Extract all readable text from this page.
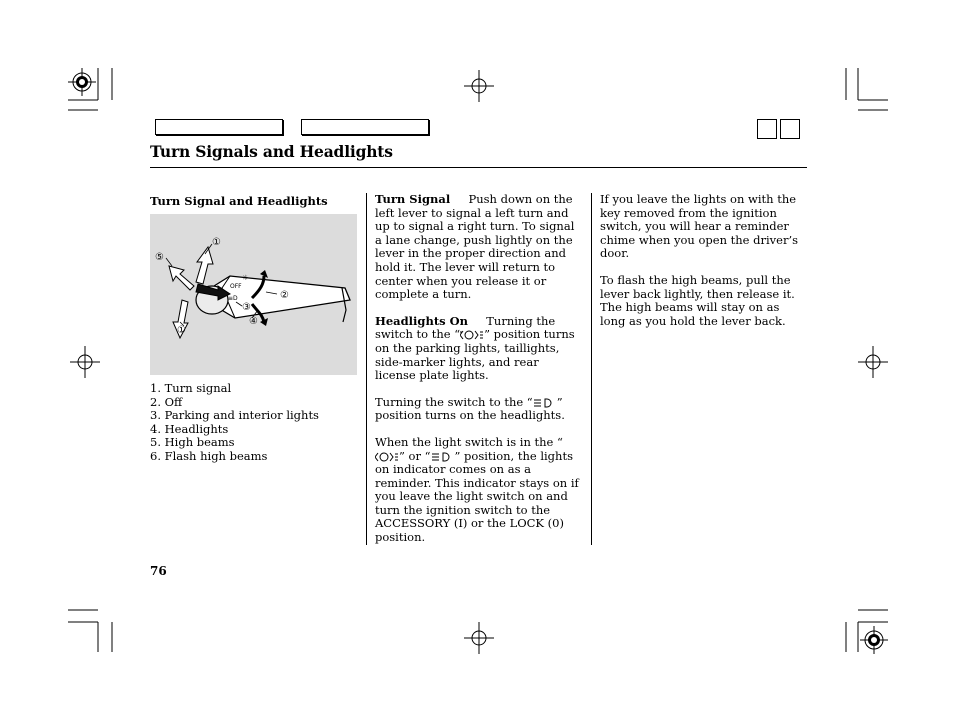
Turn Signals and Headlights
Turn Signal and Headlights
OFF
☼
≡D
①
⑤
②
③
④
①
1. Turn signal
2. Off
3. Parking and interior lights
4. Headlights
5. High beams
6. Flash high beams

Turn Signal Push down on the left lever to signal a left turn and up to signal a right turn. To signal a lane change, push lightly on the lever in the proper direction and hold it. The lever will return to center when you release it or complete a turn.

Headlights On Turning the switch to the “ ” position turns on the parking lights, taillights, side-marker lights, and rear license plate lights.

Turning the switch to the “ ” position turns on the headlights.

When the light switch is in the “” or “ ” position, the lights on indicator comes on as a reminder. This indicator stays on if you leave the light switch on and turn the ignition switch to the ACCESSORY (I) or the LOCK (0) position.

If you leave the lights on with the key removed from the ignition switch, you will hear a reminder chime when you open the driver’s door.

To flash the high beams, pull the lever back lightly, then release it. The high beams will stay on as long as you hold the lever back.

76
